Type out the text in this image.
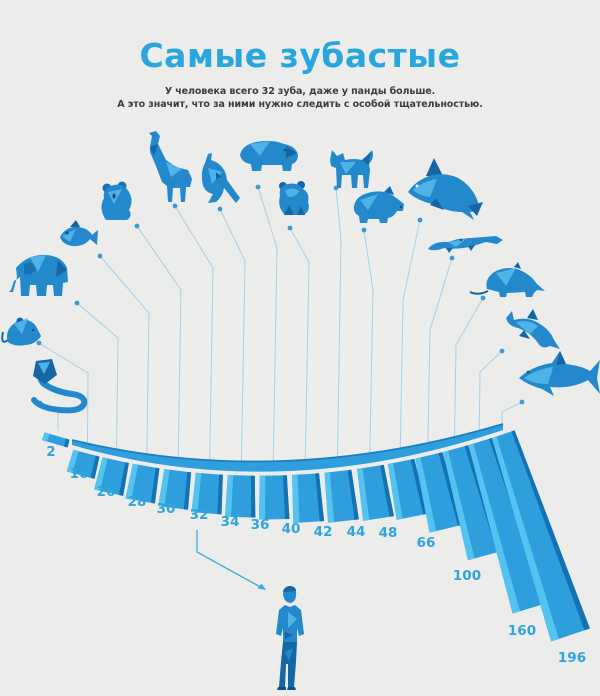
Самые зубастые
У человека всего 32 зуба, даже у панды больше.
А это значит, что за ними нужно следить с особой тщательностью.
2
16
26
28 30 32 34 36 40 42 44 48
66
100
160
196
